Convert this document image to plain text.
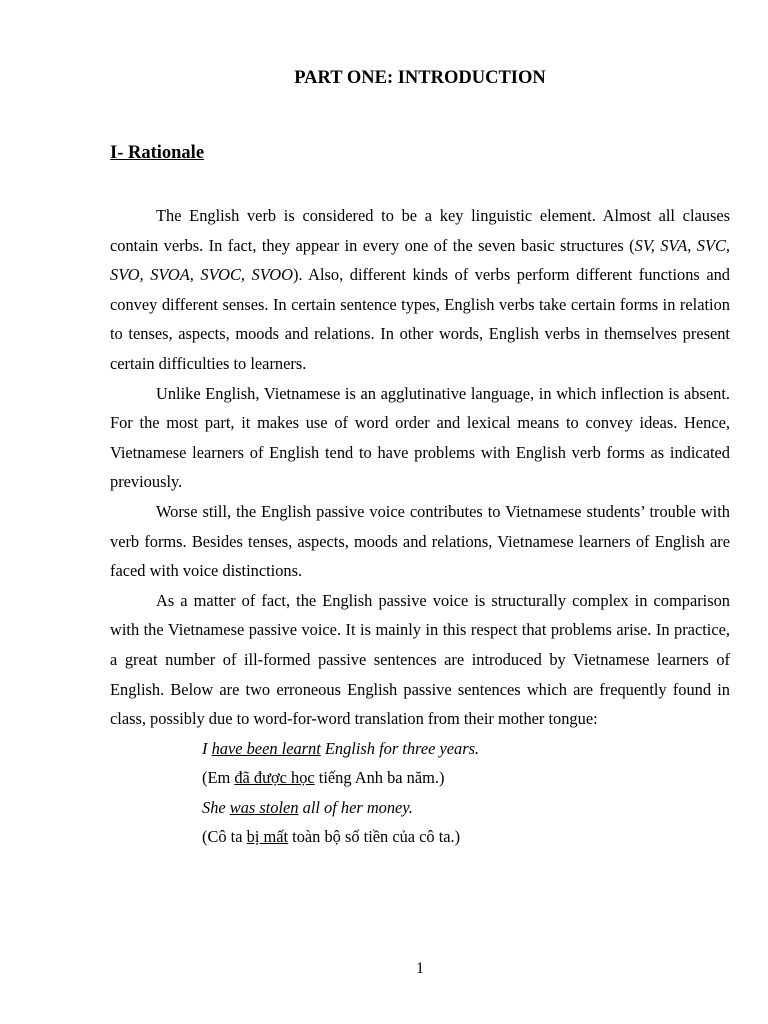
PART ONE: INTRODUCTION
I- Rationale

The English verb is considered to be a key linguistic element. Almost all clauses contain verbs. In fact, they appear in every one of the seven basic structures (SV, SVA, SVC, SVO, SVOA, SVOC, SVOO). Also, different kinds of verbs perform different functions and convey different senses. In certain sentence types, English verbs take certain forms in relation to tenses, aspects, moods and relations. In other words, English verbs in themselves present certain difficulties to learners.

Unlike English, Vietnamese is an agglutinative language, in which inflection is absent. For the most part, it makes use of word order and lexical means to convey ideas. Hence, Vietnamese learners of English tend to have problems with English verb forms as indicated previously.

Worse still, the English passive voice contributes to Vietnamese students’ trouble with verb forms. Besides tenses, aspects, moods and relations, Vietnamese learners of English are faced with voice distinctions.

As a matter of fact, the English passive voice is structurally complex in comparison with the Vietnamese passive voice. It is mainly in this respect that problems arise. In practice, a great number of ill-formed passive sentences are introduced by Vietnamese learners of English. Below are two erroneous English passive sentences which are frequently found in class, possibly due to word-for-word translation from their mother tongue:

I have been learnt English for three years.
(Em đã được học tiếng Anh ba năm.)
She was stolen all of her money.
(Cô ta bị mất toàn bộ số tiền của cô ta.)
1
